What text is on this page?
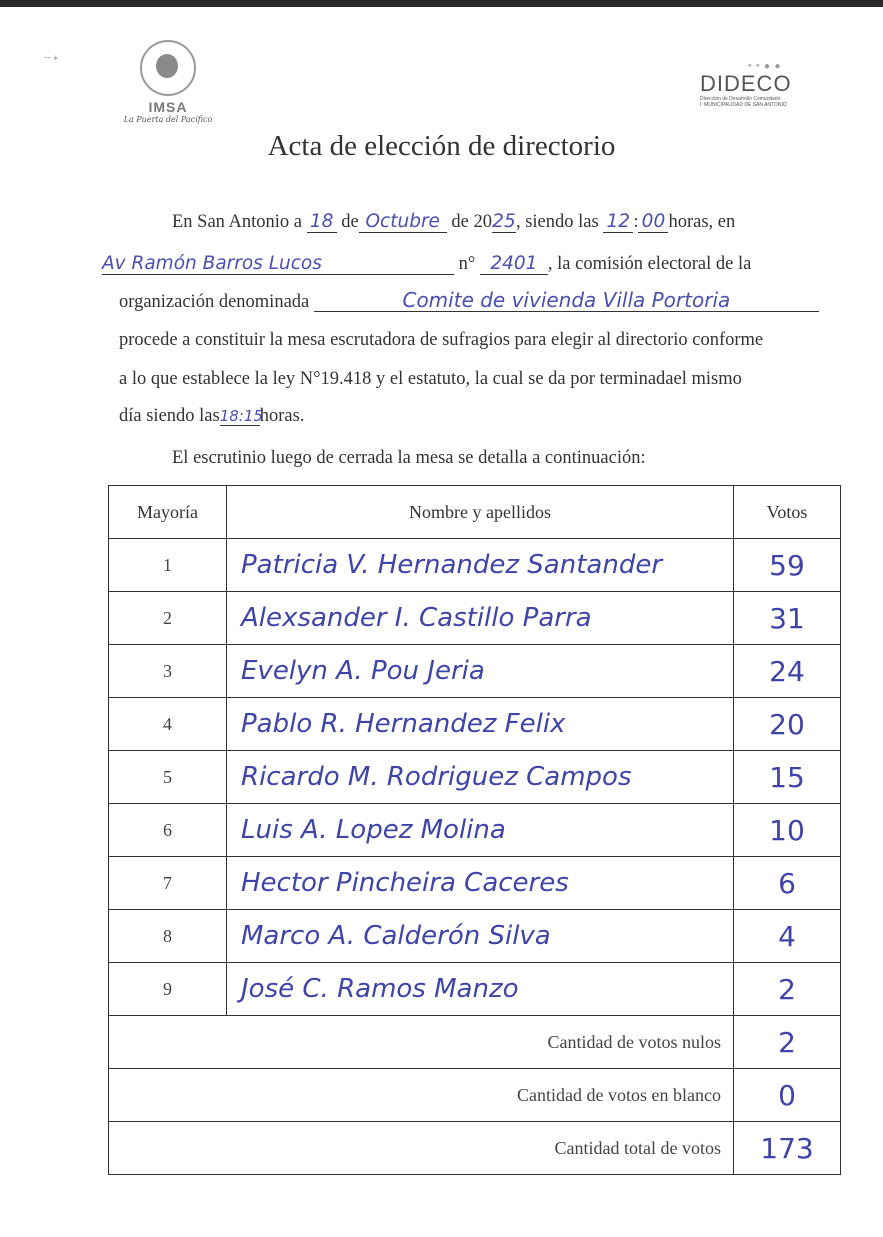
‐‐ ⁎
IMSA
La Puerta del Pacífico
• • ● ●
DIDECO
Dirección de Desarrollo Comunitario
I. MUNICIPALIDAD DE SAN ANTONIO
Acta de elección de directorio
En San Antonio a 18 de Octubre de 2025, siendo las 12 : 00 horas, en
Av Ramón Barros Lucos	n° 2401 , la comisión electoral de la
organización denominada	Comite de vivienda Villa Portoria
procede a constituir la mesa escrutadora de sufragios para elegir al directorio conforme
a lo que establece la ley N°19.418 y el estatuto, la cual se da por terminadael mismo
día siendo las18:15horas.
El escrutinio luego de cerrada la mesa se detalla a continuación:
Mayoría	Nombre y apellidos	Votos
1	Patricia V. Hernandez Santander	59
2	Alexsander I. Castillo Parra	31
3	Evelyn A. Pou Jeria	24
4	Pablo R. Hernandez Felix	20
5	Ricardo M. Rodriguez Campos	15
6	Luis A. Lopez Molina	10
7	Hector Pincheira Caceres	6
8	Marco A. Calderón Silva	4
9	José C. Ramos Manzo	2
Cantidad de votos nulos		2
Cantidad de votos en blanco		0
Cantidad total de votos		173
